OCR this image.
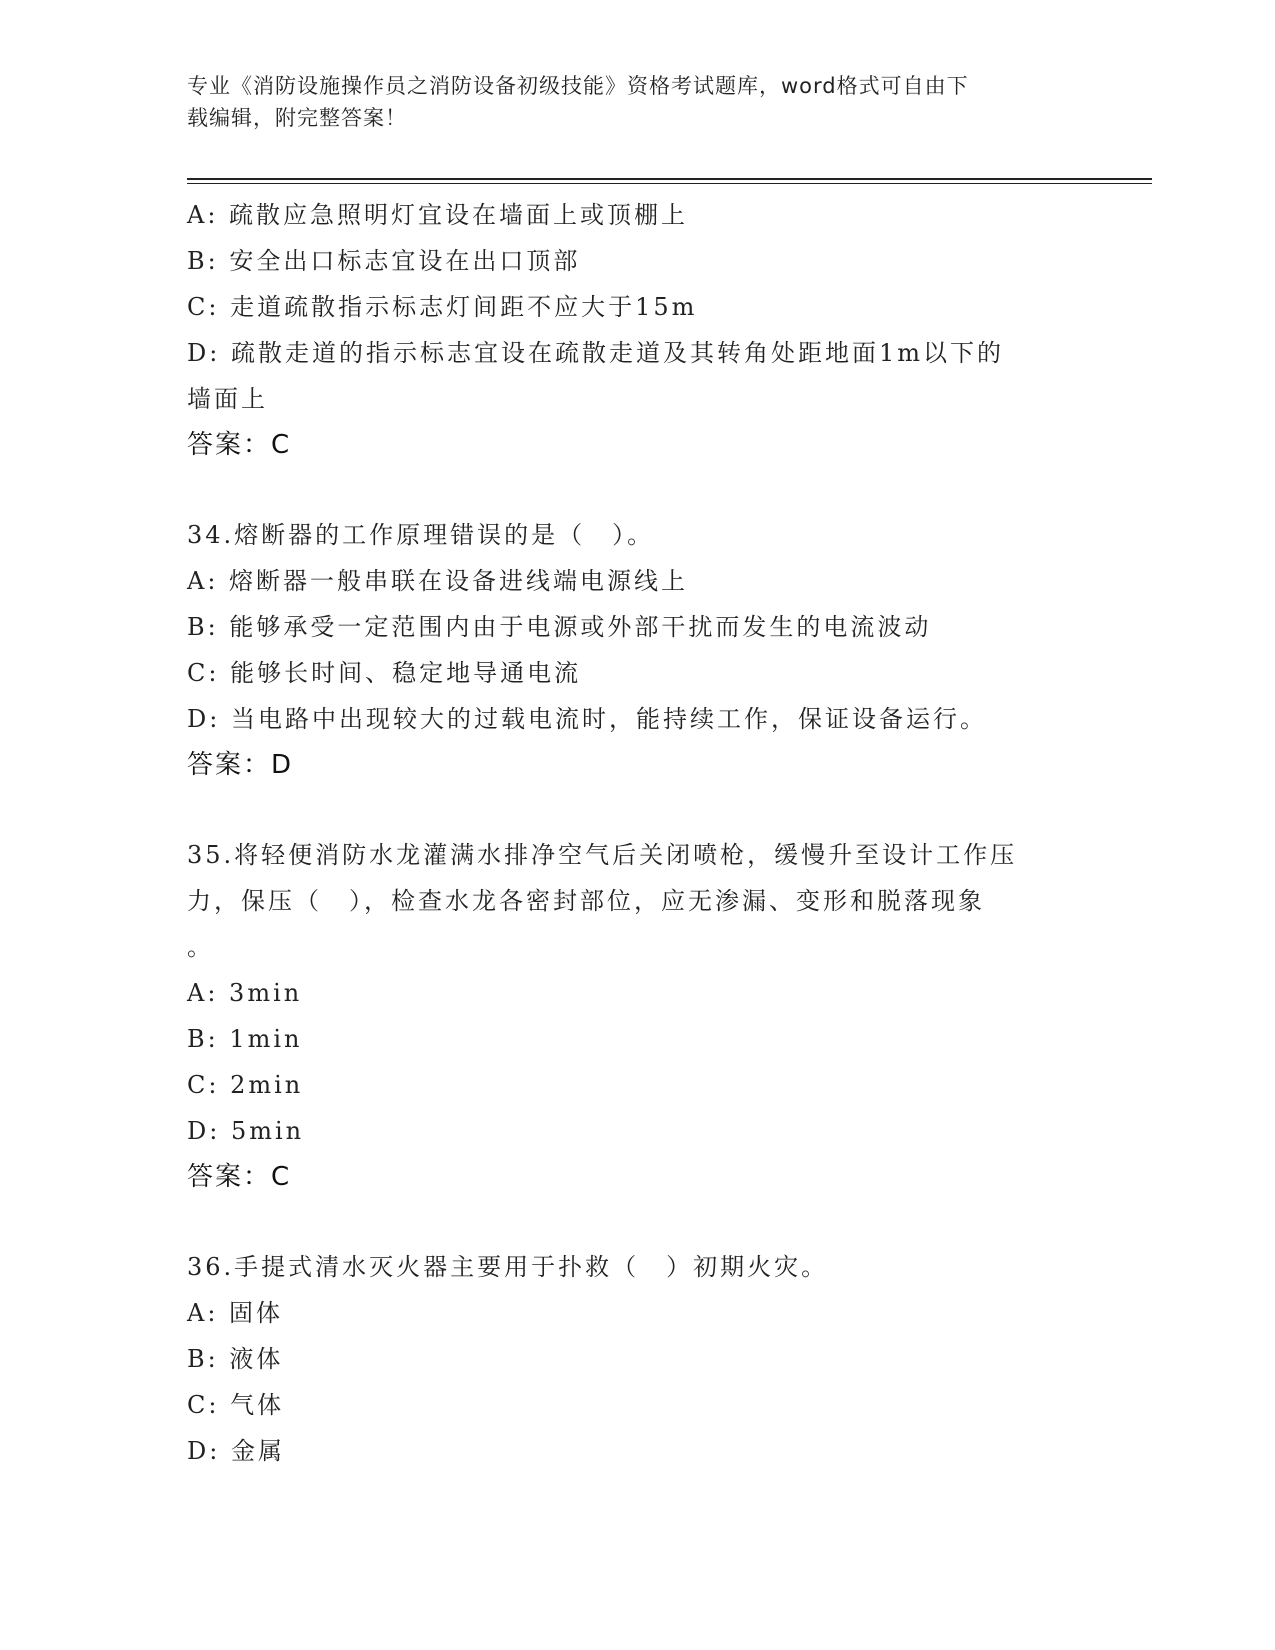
专业《消防设施操作员之消防设备初级技能》资格考试题库，word格式可自由下
载编辑，附完整答案！
A: 疏散应急照明灯宜设在墙面上或顶棚上
B: 安全出口标志宜设在出口顶部
C: 走道疏散指示标志灯间距不应大于15m
D: 疏散走道的指示标志宜设在疏散走道及其转角处距地面1m以下的
墙面上
答案：C
34.熔断器的工作原理错误的是（　）。
A: 熔断器一般串联在设备进线端电源线上
B: 能够承受一定范围内由于电源或外部干扰而发生的电流波动
C: 能够长时间、稳定地导通电流
D: 当电路中出现较大的过载电流时，能持续工作，保证设备运行。
答案：D
35.将轻便消防水龙灌满水排净空气后关闭喷枪，缓慢升至设计工作压
力，保压（　），检查水龙各密封部位，应无渗漏、变形和脱落现象
。
A: 3min
B: 1min
C: 2min
D: 5min
答案：C
36.手提式清水灭火器主要用于扑救（　）初期火灾。
A: 固体
B: 液体
C: 气体
D: 金属
